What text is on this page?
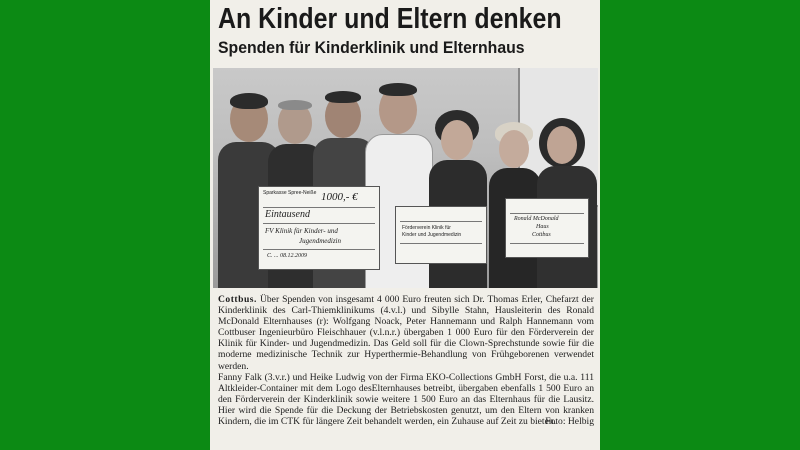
An Kinder und Eltern denken
Spenden für Kinderklinik und Elternhaus
Sparkasse Spree-Neiße 1000,- €
Eintausend
FV Klinik für Kinder- und
Jugendmedizin
C. ... 08.12.2009
Förderverein Klinik für
Kinder und Jugendmedizin
Ronald McDonald
Haus
Cottbus

Cottbus. Über Spenden von insgesamt 4 000 Euro freuten sich Dr. Thomas Erler, Chefarzt der Kinderklinik des Carl-Thiemklinikums (4.v.l.) und Sibylle Stahn, Hausleiterin des Ronald McDonald Elternhauses (r): Wolfgang Noack, Peter Hannemann und Ralph Hannemann vom Cottbuser Ingenieurbüro Fleischhauer (v.l.n.r.) übergaben 1 000 Euro für den Förderverein der Klinik für Kinder- und Jugendmedizin. Das Geld soll für die Clown-Sprechstunde sowie für die moderne medizinische Technik zur Hyperthermie-Behandlung von Frühgeborenen verwendet werden.

Fanny Falk (3.v.r.) und Heike Ludwig von der Firma EKO-Collections GmbH Forst, die u.a. 111 Altkleider-Container mit dem Logo desElternhauses betreibt, übergaben ebenfalls 1 500 Euro an den Förderverein der Kinderklinik sowie weitere 1 500 Euro an das Elternhaus für die Lausitz. Hier wird die Spende für die Deckung der Betriebskosten genutzt, um den Eltern von kranken Kindern, die im CTK für längere Zeit behandelt werden, ein Zuhause auf Zeit zu bieten.

Foto: Helbig
